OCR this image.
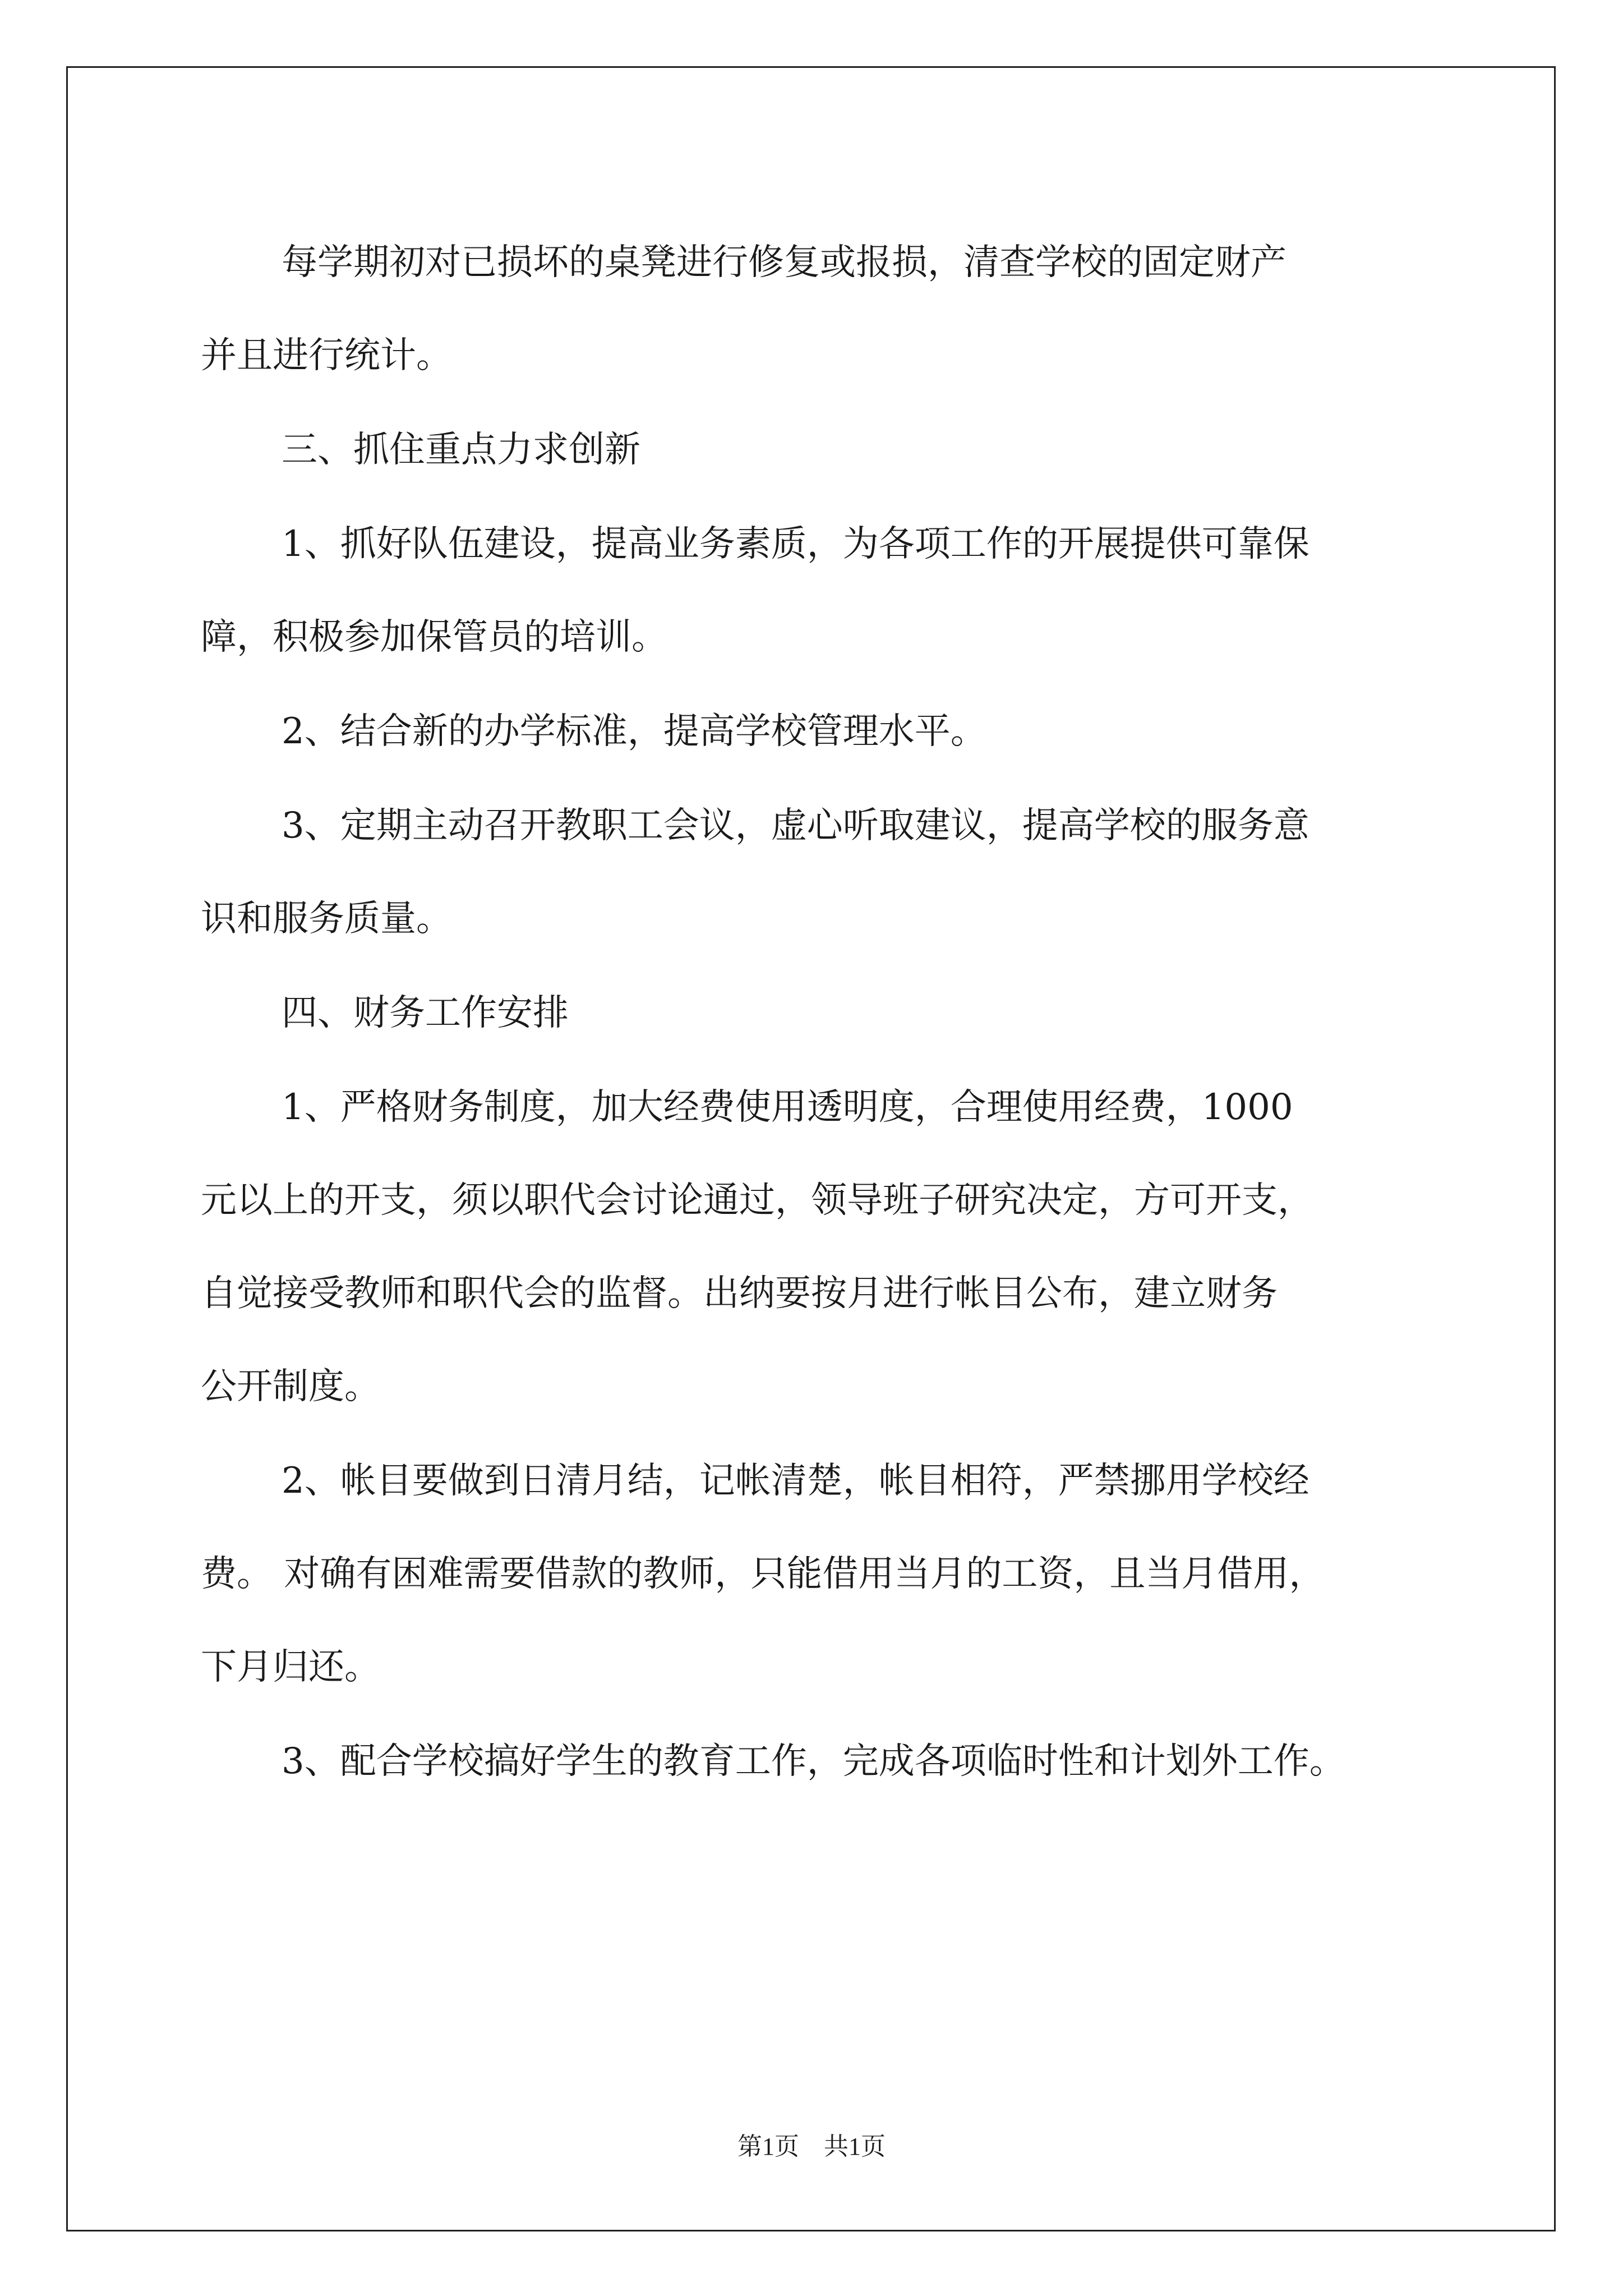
每学期初对已损坏的桌凳进行修复或报损，清查学校的固定财产
并且进行统计。
三、抓住重点力求创新
1、抓好队伍建设，提高业务素质，为各项工作的开展提供可靠保
障，积极参加保管员的培训。
2、结合新的办学标准，提高学校管理水平。
3、定期主动召开教职工会议，虚心听取建议，提高学校的服务意
识和服务质量。
四、财务工作安排
1、严格财务制度，加大经费使用透明度，合理使用经费，1000
元以上的开支，须以职代会讨论通过，领导班子研究决定，方可开支，
自觉接受教师和职代会的监督。出纳要按月进行帐目公布，建立财务
公开制度。
2、帐目要做到日清月结，记帐清楚，帐目相符，严禁挪用学校经
费。 对确有困难需要借款的教师，只能借用当月的工资，且当月借用，
下月归还。
3、配合学校搞好学生的教育工作，完成各项临时性和计划外工作。
第1页　共1页
